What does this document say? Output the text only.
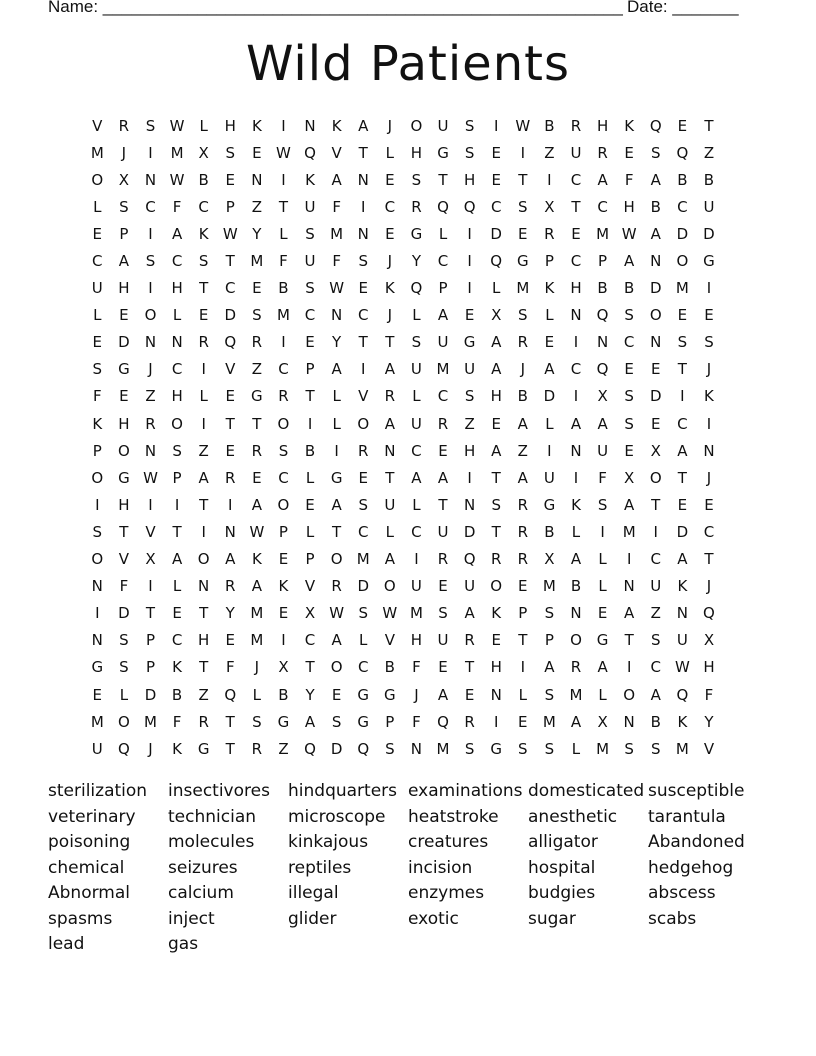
Name: _______________________________________________________ Date: _______
Wild Patients
V	R	S W L	H	K	I	N	K	A	J	O	U	S	I	W B	R	H	K	Q	E	T
M	J	I	M X	S	E W Q	V	T	L	H	G	S	E	I	Z	U	R	E	S	Q	Z
O	X	N W B	E	N	I	K	A	N	E	S	T	H	E	T	I	C	A	F	A	B	B
L	S	C	F	C	P	Z	T	U	F	I	C	R	Q Q	C	S	X	T	C	H	B	C	U
E	P	I	A	K W Y	L	S	M N	E	G	L	I	D	E	R	E	M W A	D	D
C	A	S	C	S	T	M	F	U	F	S	J	Y	C	I	Q G	P	C	P	A	N	O G
U	H	I	H	T	C	E	B	S W E	K	Q	P	I	L	M	K	H	B	B	D M	I
L	E	O	L	E	D	S	M C	N	C	J	L	A	E	X	S	L	N	Q	S	O	E	E
E	D	N	N	R	Q	R	I	E	Y	T	T	S	U	G	A	R	E	I	N	C	N	S	S
S	G	J	C	I	V	Z	C	P	A	I	A	U M U	A	J	A	C	Q	E	E	T	J
F	E	Z	H	L	E	G	R	T	L	V	R	L	C	S	H	B	D	I	X	S	D	I	K
K	H	R	O	I	T	T	O	I	L	O	A	U	R	Z	E	A	L	A	A	S	E	C	I
P	O	N	S	Z	E	R	S	B	I	R	N	C	E	H	A	Z	I	N	U	E	X	A	N
O G W P	A	R	E	C	L	G	E	T	A	A	I	T	A	U	I	F	X	O	T	J
I	H	I	I	T	I	A	O	E	A	S	U	L	T	N	S	R	G	K	S	A	T	E	E
S	T	V	T	I	N W P	L	T	C	L	C	U	D	T	R	B	L	I	M	I	D	C
O	V	X	A	O	A	K	E	P	O M A	I	R	Q	R	R	X	A	L	I	C	A	T
N	F	I	L	N	R	A	K	V	R	D O	U	E	U	O	E	M B	L	N	U	K	J
I	D	T	E	T	Y	M	E	X W S W M	S	A	K	P	S	N	E	A	Z	N	Q
N	S	P	C	H	E	M	I	C	A	L	V	H	U	R	E	T	P	O G	T	S	U	X
G	S	P	K	T	F	J	X	T	O	C	B	F	E	T	H	I	A	R	A	I	C W H
E	L	D	B	Z	Q	L	B	Y	E	G G	J	A	E	N	L	S	M	L	O	A	Q	F
M O M	F	R	T	S	G	A	S	G	P	F	Q	R	I	E	M A	X	N	B	K	Y
U	Q	J	K	G	T	R	Z	Q D Q	S	N M	S	G	S	S	L	M	S	S	M V
sterilization	insectivores	hindquarters examinations domesticated susceptible
veterinary	technician	microscope	heatstroke	anesthetic	tarantula
poisoning	molecules	kinkajous	creatures	alligator	Abandoned
chemical	seizures	reptiles	incision	hospital	hedgehog
Abnormal	calcium	illegal	enzymes	budgies	abscess
spasms	inject	glider	exotic	sugar	scabs
lead	gas
